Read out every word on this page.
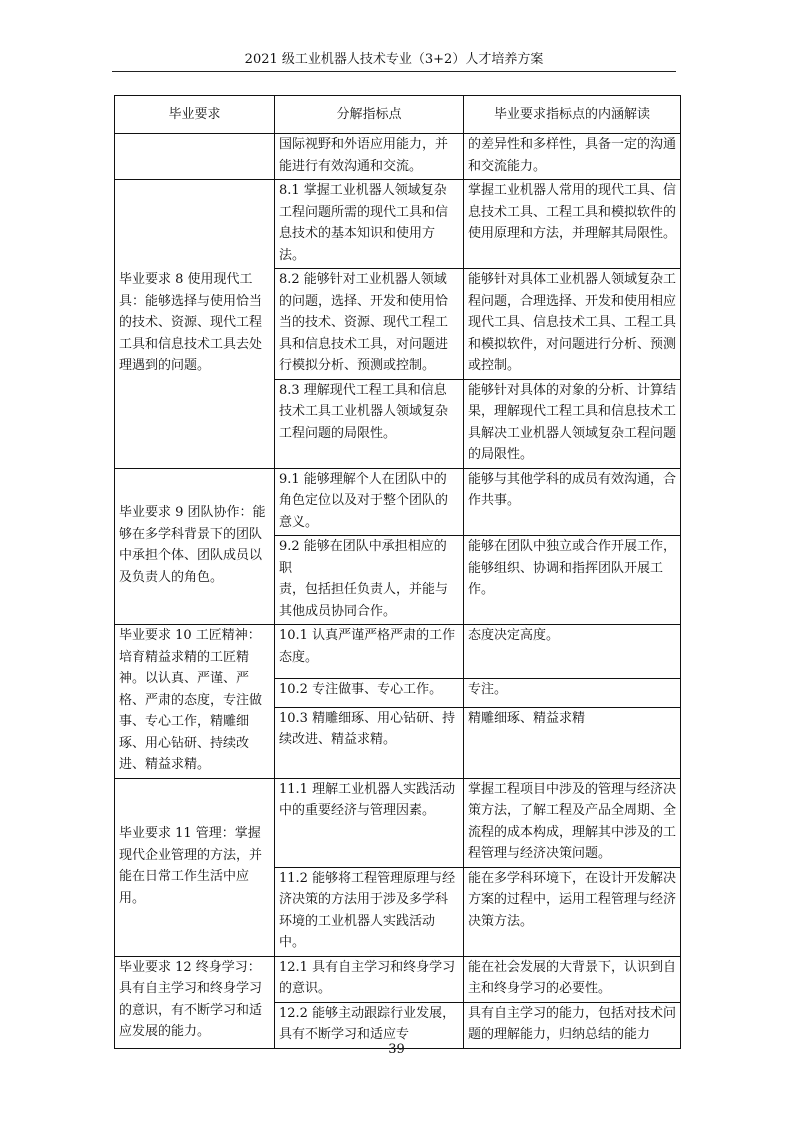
2021 级工业机器人技术专业（3+2）人才培养方案
毕业要求	分解指标点	毕业要求指标点的内涵解读
	国际视野和外语应用能力，并能进行有效沟通和交流。	的差异性和多样性，具备一定的沟通和交流能力。
毕业要求 8 使用现代工具：能够选择与使用恰当的技术、资源、现代工程工具和信息技术工具去处理遇到的问题。	8.1 掌握工业机器人领域复杂工程问题所需的现代工具和信息技术的基本知识和使用方法。	掌握工业机器人常用的现代工具、信息技术工具、工程工具和模拟软件的使用原理和方法，并理解其局限性。
	8.2 能够针对工业机器人领域的问题，选择、开发和使用恰当的技术、资源、现代工程工具和信息技术工具，对问题进行模拟分析、预测或控制。	能够针对具体工业机器人领域复杂工程问题，合理选择、开发和使用相应现代工具、信息技术工具、工程工具和模拟软件，对问题进行分析、预测或控制。
	8.3 理解现代工程工具和信息技术工具工业机器人领域复杂工程问题的局限性。	能够针对具体的对象的分析、计算结果，理解现代工程工具和信息技术工具解决工业机器人领域复杂工程问题的局限性。
毕业要求 9 团队协作：能够在多学科背景下的团队中承担个体、团队成员以及负责人的角色。	9.1 能够理解个人在团队中的角色定位以及对于整个团队的意义。	能够与其他学科的成员有效沟通，合作共事。
	9.2 能够在团队中承担相应的职
责，包括担任负责人，并能与其他成员协同合作。	能够在团队中独立或合作开展工作，能够组织、协调和指挥团队开展工作。
毕业要求 10 工匠精神：培育精益求精的工匠精神。以认真、严谨、严格、严肃的态度，专注做事、专心工作，精雕细琢、用心钻研、持续改进、精益求精。	10.1 认真严谨严格严肃的工作态度。	态度决定高度。
	10.2 专注做事、专心工作。	专注。
	10.3 精雕细琢、用心钻研、持续改进、精益求精。	精雕细琢、精益求精
毕业要求 11 管理：掌握现代企业管理的方法，并能在日常工作生活中应用。	11.1 理解工业机器人实践活动中的重要经济与管理因素。	掌握工程项目中涉及的管理与经济决策方法，了解工程及产品全周期、全流程的成本构成，理解其中涉及的工程管理与经济决策问题。
	11.2 能够将工程管理原理与经济决策的方法用于涉及多学科环境的工业机器人实践活动中。	能在多学科环境下，在设计开发解决方案的过程中，运用工程管理与经济决策方法。
毕业要求 12 终身学习：具有自主学习和终身学习的意识，有不断学习和适应发展的能力。	12.1 具有自主学习和终身学习的意识。	能在社会发展的大背景下，认识到自主和终身学习的必要性。
	12.2 能够主动跟踪行业发展，具有不断学习和适应专	具有自主学习的能力，包括对技术问题的理解能力，归纳总结的能力
39
